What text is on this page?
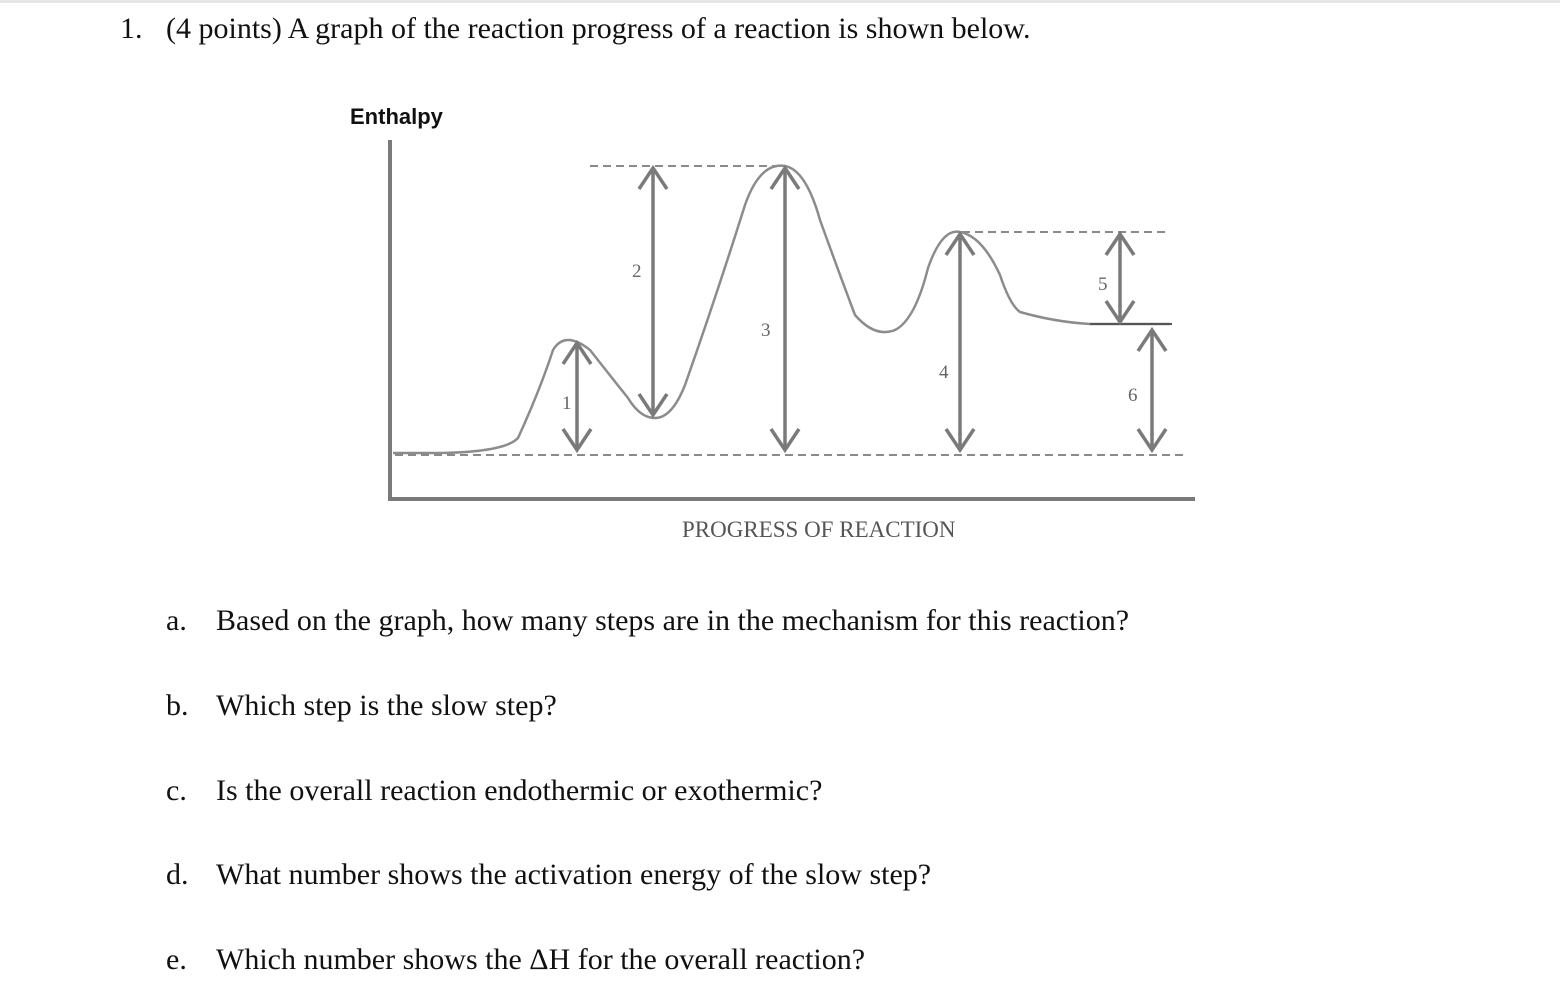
1. (4 points) A graph of the reaction progress of a reaction is shown below.
Enthalpy
1
2
3
4
5
6
PROGRESS OF REACTION
a. Based on the graph, how many steps are in the mechanism for this reaction?
b. Which step is the slow step?
c. Is the overall reaction endothermic or exothermic?
d. What number shows the activation energy of the slow step?
e. Which number shows the ΔH for the overall reaction?
